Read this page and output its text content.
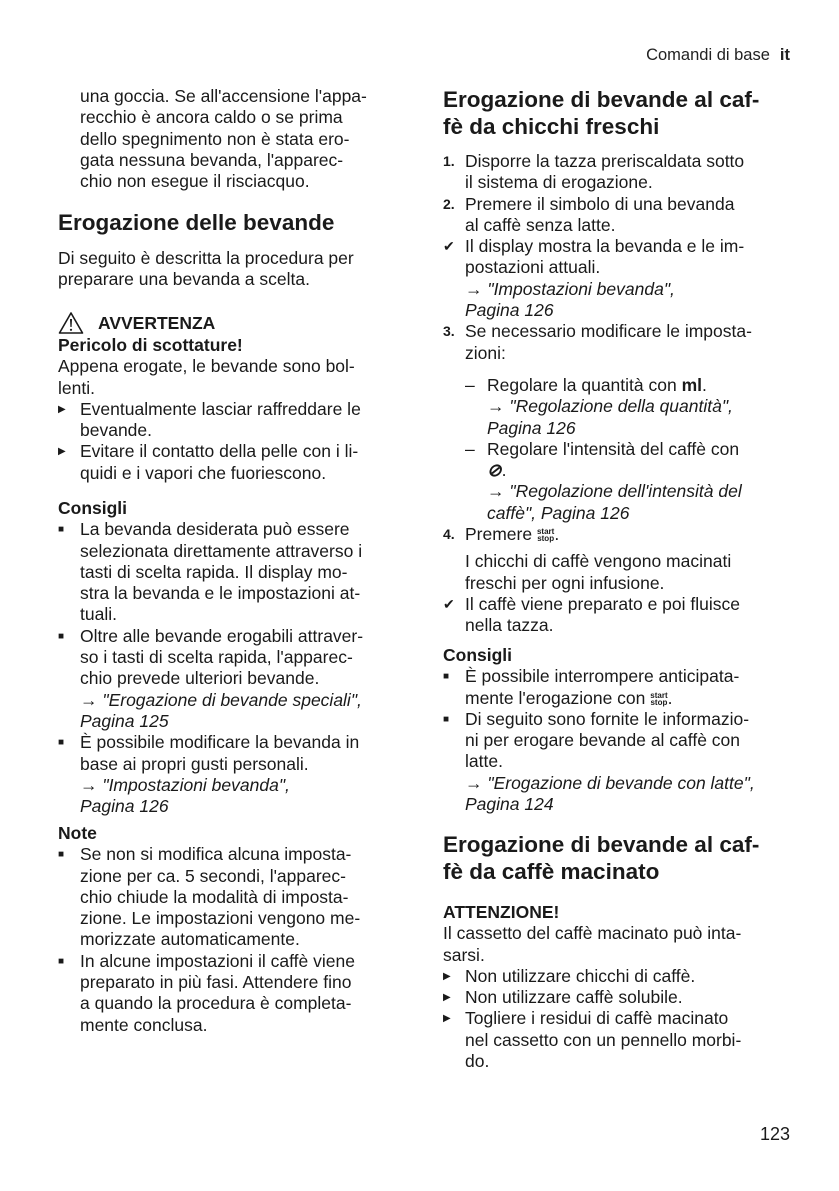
Comandi di base it
una goccia. Se all'accensione l'appa-
recchio è ancora caldo o se prima
dello spegnimento non è stata ero-
gata nessuna bevanda, l'apparec-
chio non esegue il risciacquo.
Erogazione delle bevande
Di seguito è descritta la procedura per
preparare una bevanda a scelta.
AVVERTENZA
Pericolo di scottature!
Appena erogate, le bevande sono bol-
lenti.
▶ Eventualmente lasciar raffreddare le
bevande.
▶ Evitare il contatto della pelle con i li-
quidi e i vapori che fuoriescono.
Consigli
■ La bevanda desiderata può essere
selezionata direttamente attraverso i
tasti di scelta rapida. Il display mo-
stra la bevanda e le impostazioni at-
tuali.
■ Oltre alle bevande erogabili attraver-
so i tasti di scelta rapida, l'apparec-
chio prevede ulteriori bevande.
→ "Erogazione di bevande speciali",
Pagina 125
■ È possibile modificare la bevanda in
base ai propri gusti personali.
→ "Impostazioni bevanda",
Pagina 126
Note
■ Se non si modifica alcuna imposta-
zione per ca. 5 secondi, l'apparec-
chio chiude la modalità di imposta-
zione. Le impostazioni vengono me-
morizzate automaticamente.
■ In alcune impostazioni il caffè viene
preparato in più fasi. Attendere fino
a quando la procedura è completa-
mente conclusa.
Erogazione di bevande al caf-
fè da chicchi freschi
1. Disporre la tazza preriscaldata sotto
il sistema di erogazione.
2. Premere il simbolo di una bevanda
al caffè senza latte.
✔ Il display mostra la bevanda e le im-
postazioni attuali.
→ "Impostazioni bevanda",
Pagina 126
3. Se necessario modificare le imposta-
zioni:
– Regolare la quantità con ml.
→ "Regolazione della quantità",
Pagina 126
– Regolare l'intensità del caffè con
⊘.
→ "Regolazione dell'intensità del
caffè", Pagina 126
4. Premere start
stop.
I chicchi di caffè vengono macinati
freschi per ogni infusione.
✔ Il caffè viene preparato e poi fluisce
nella tazza.
Consigli
■ È possibile interrompere anticipata-
mente l'erogazione con start
stop.
■ Di seguito sono fornite le informazio-
ni per erogare bevande al caffè con
latte.
→ "Erogazione di bevande con latte",
Pagina 124
Erogazione di bevande al caf-
fè da caffè macinato
ATTENZIONE!
Il cassetto del caffè macinato può inta-
sarsi.
▶ Non utilizzare chicchi di caffè.
▶ Non utilizzare caffè solubile.
▶ Togliere i residui di caffè macinato
nel cassetto con un pennello morbi-
do.
123
